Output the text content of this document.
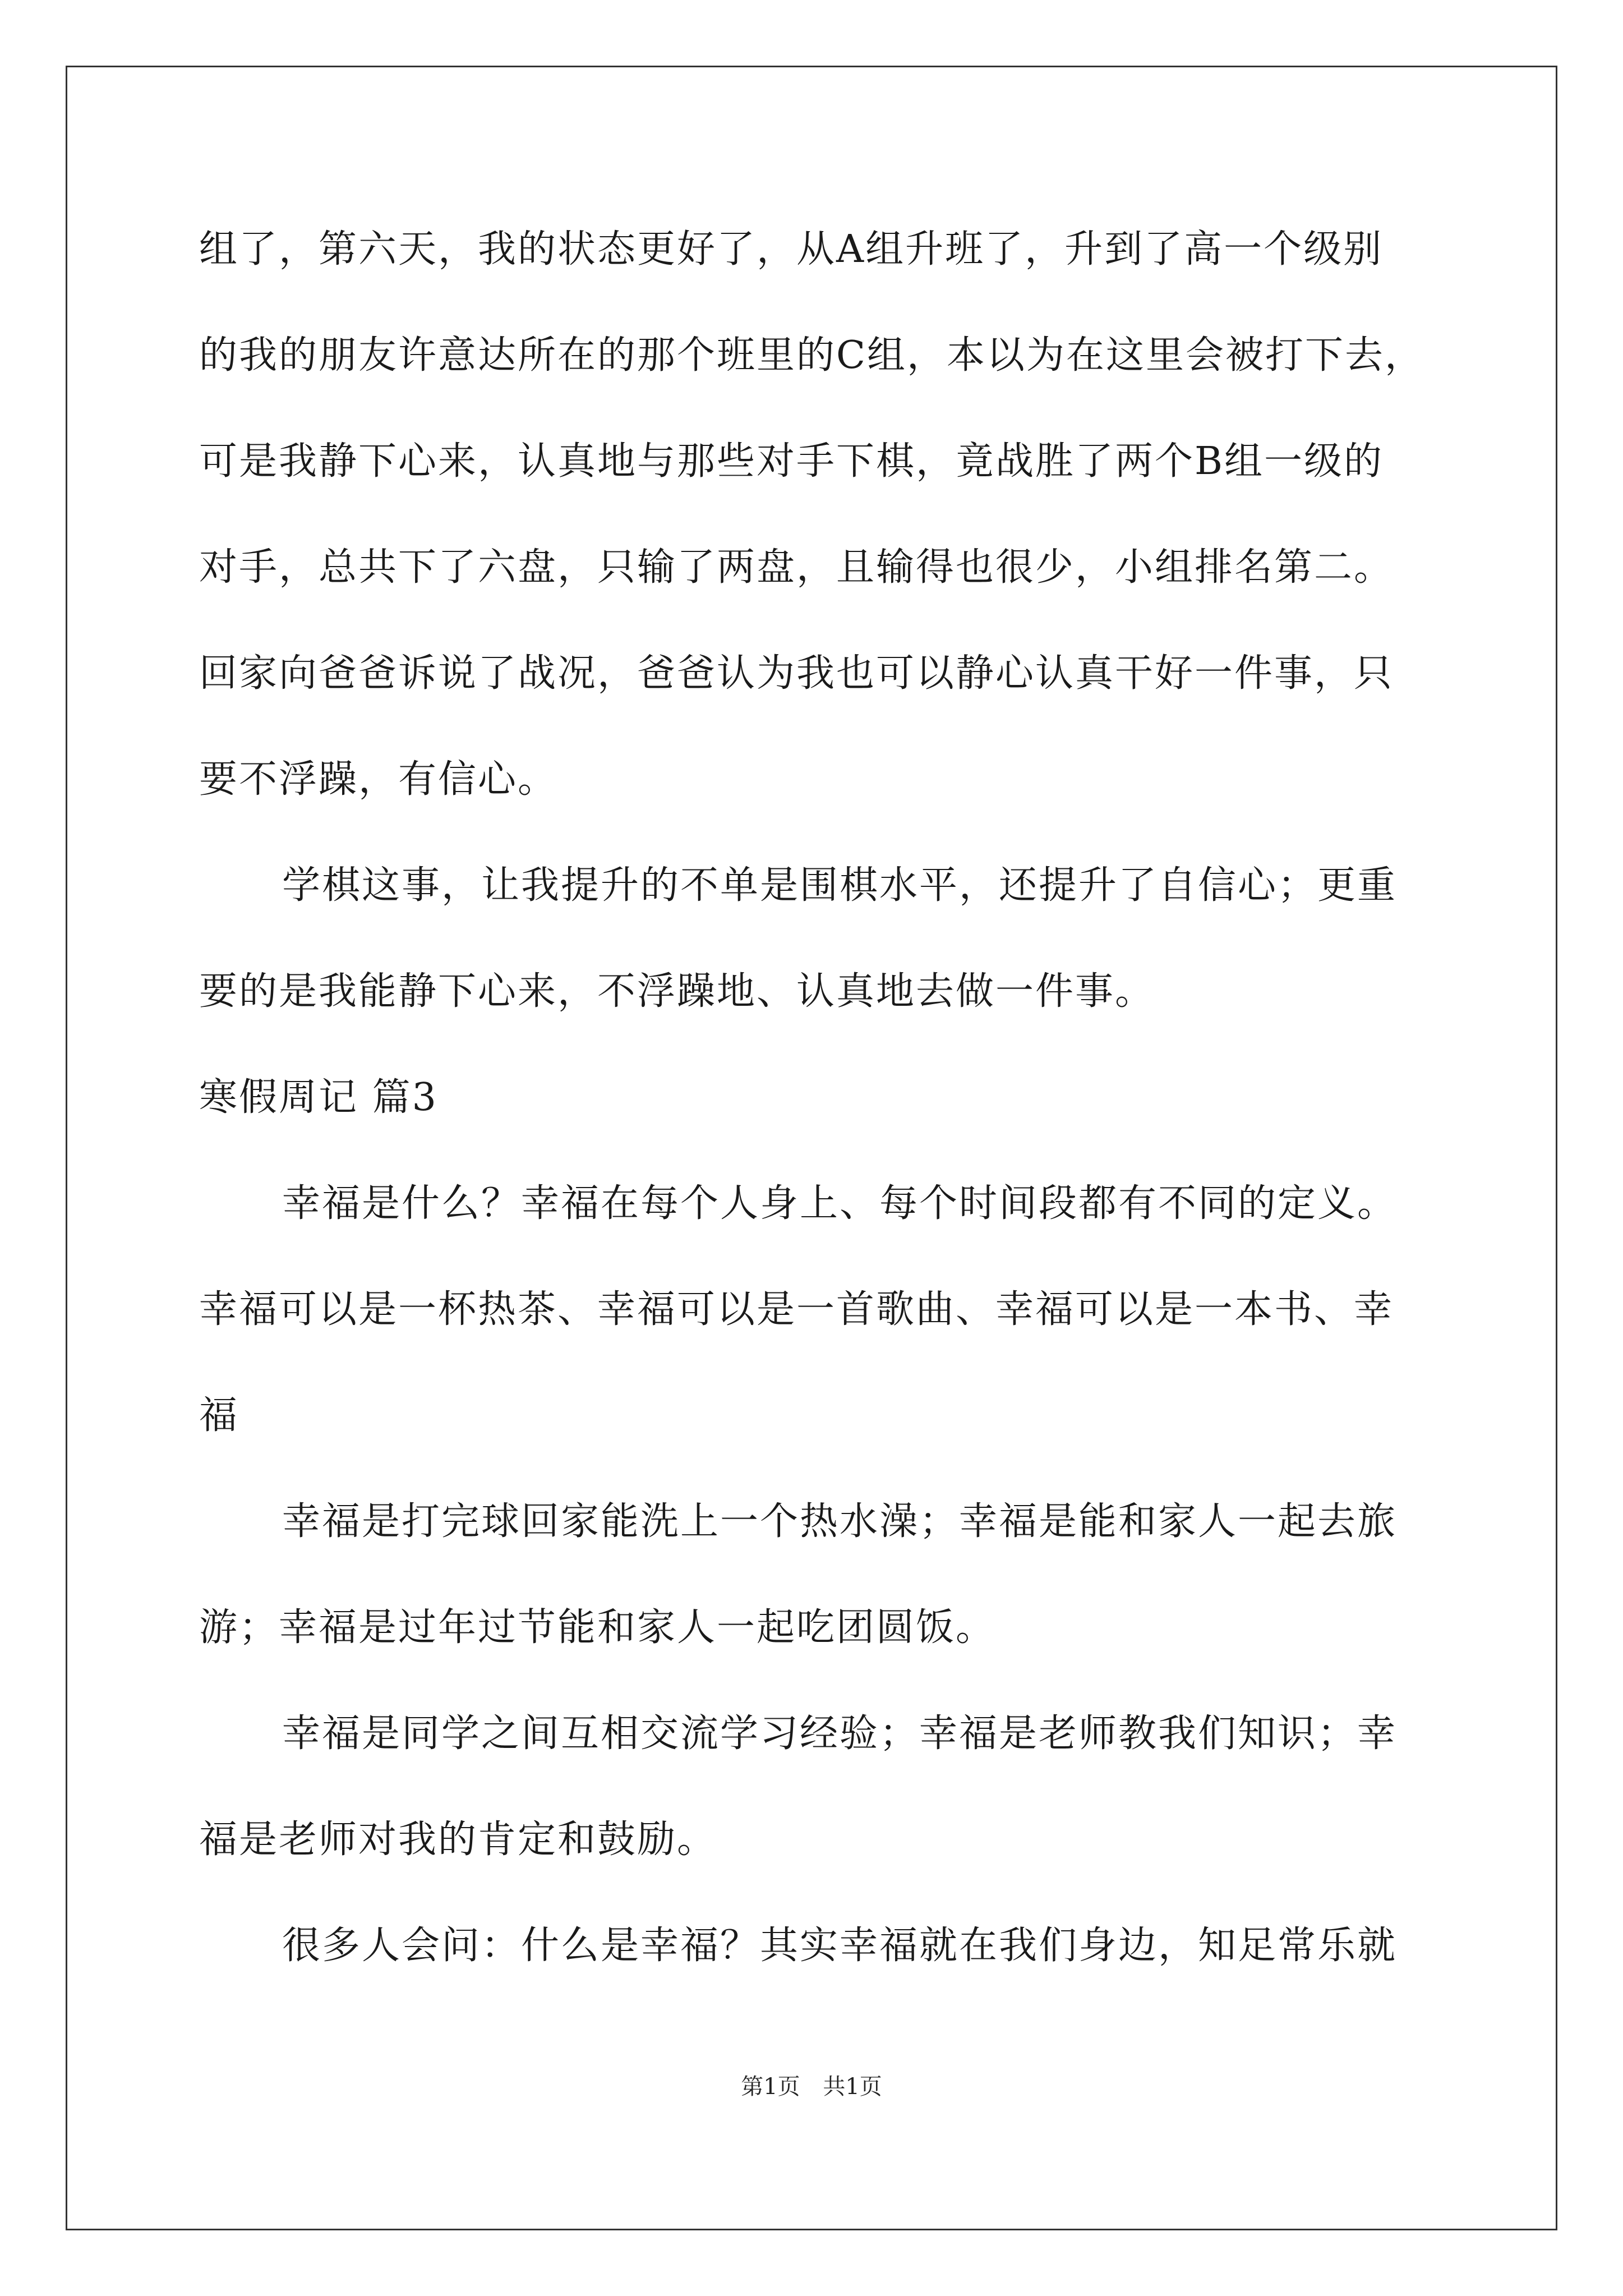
组了，第六天，我的状态更好了，从A组升班了，升到了高一个级别
的我的朋友许意达所在的那个班里的C组，本以为在这里会被打下去，
可是我静下心来，认真地与那些对手下棋，竟战胜了两个B组一级的
对手，总共下了六盘，只输了两盘，且输得也很少，小组排名第二。
回家向爸爸诉说了战况，爸爸认为我也可以静心认真干好一件事，只
要不浮躁，有信心。
学棋这事，让我提升的不单是围棋水平，还提升了自信心；更重
要的是我能静下心来，不浮躁地、认真地去做一件事。
寒假周记 篇3
幸福是什么？幸福在每个人身上、每个时间段都有不同的定义。
幸福可以是一杯热茶、幸福可以是一首歌曲、幸福可以是一本书、幸
福
幸福是打完球回家能洗上一个热水澡；幸福是能和家人一起去旅
游；幸福是过年过节能和家人一起吃团圆饭。
幸福是同学之间互相交流学习经验；幸福是老师教我们知识；幸
福是老师对我的肯定和鼓励。
很多人会问：什么是幸福？其实幸福就在我们身边，知足常乐就
第1页 共1页
